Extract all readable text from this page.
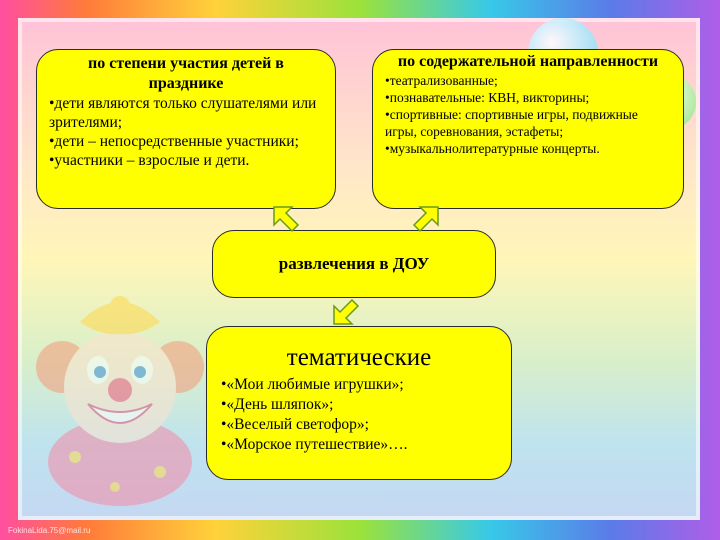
по степени участия детей в празднике
•дети являются только слушателями или зрителями;
•дети – непосредственные участники;
•участники – взрослые и дети.
по содержательной направленности
•театрализованные;
•познавательные: КВН, викторины;
•спортивные: спортивные игры, подвижные игры, соревнования, эстафеты;
•музыкальнолитературные концерты.
развлечения в ДОУ
тематические
•«Мои любимые игрушки»;
•«День шляпок»;
•«Веселый светофор»;
•«Морское путешествие»….
FokinaLida.75@mail.ru
